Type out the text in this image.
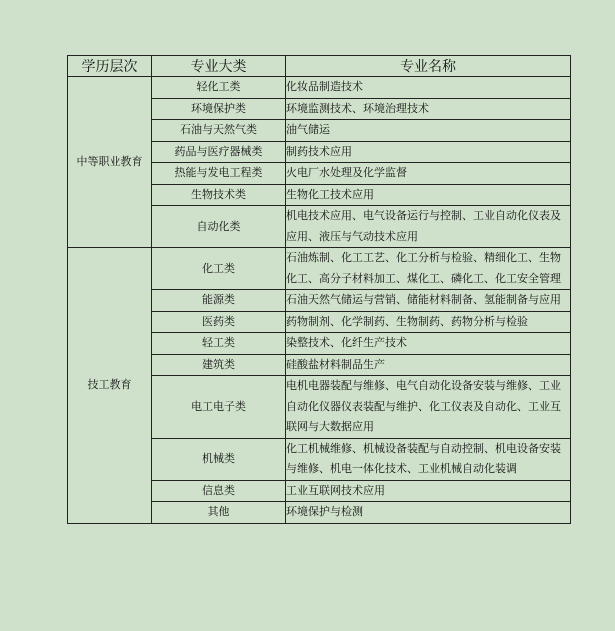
学历层次	专业大类	专业名称
中等职业教育	轻化工类	化妆品制造技术
	环境保护类	环境监测技术、环境治理技术
	石油与天然气类	油气储运
	药品与医疗器械类	制药技术应用
	热能与发电工程类	火电厂水处理及化学监督
	生物技术类	生物化工技术应用
	自动化类	机电技术应用、电气设备运行与控制、工业自动化仪表及应用、液压与气动技术应用
技工教育	化工类	石油炼制、化工工艺、化工分析与检验、精细化工、生物化工、高分子材料加工、煤化工、磷化工、化工安全管理
	能源类	石油天然气储运与营销、储能材料制备、氢能制备与应用
	医药类	药物制剂、化学制药、生物制药、药物分析与检验
	轻工类	染整技术、化纤生产技术
	建筑类	硅酸盐材料制品生产
	电工电子类	电机电器装配与维修、电气自动化设备安装与维修、工业自动化仪器仪表装配与维护、化工仪表及自动化、工业互联网与大数据应用
	机械类	化工机械维修、机械设备装配与自动控制、机电设备安装与维修、机电一体化技术、工业机械自动化装调
	信息类	工业互联网技术应用
	其他	环境保护与检测
